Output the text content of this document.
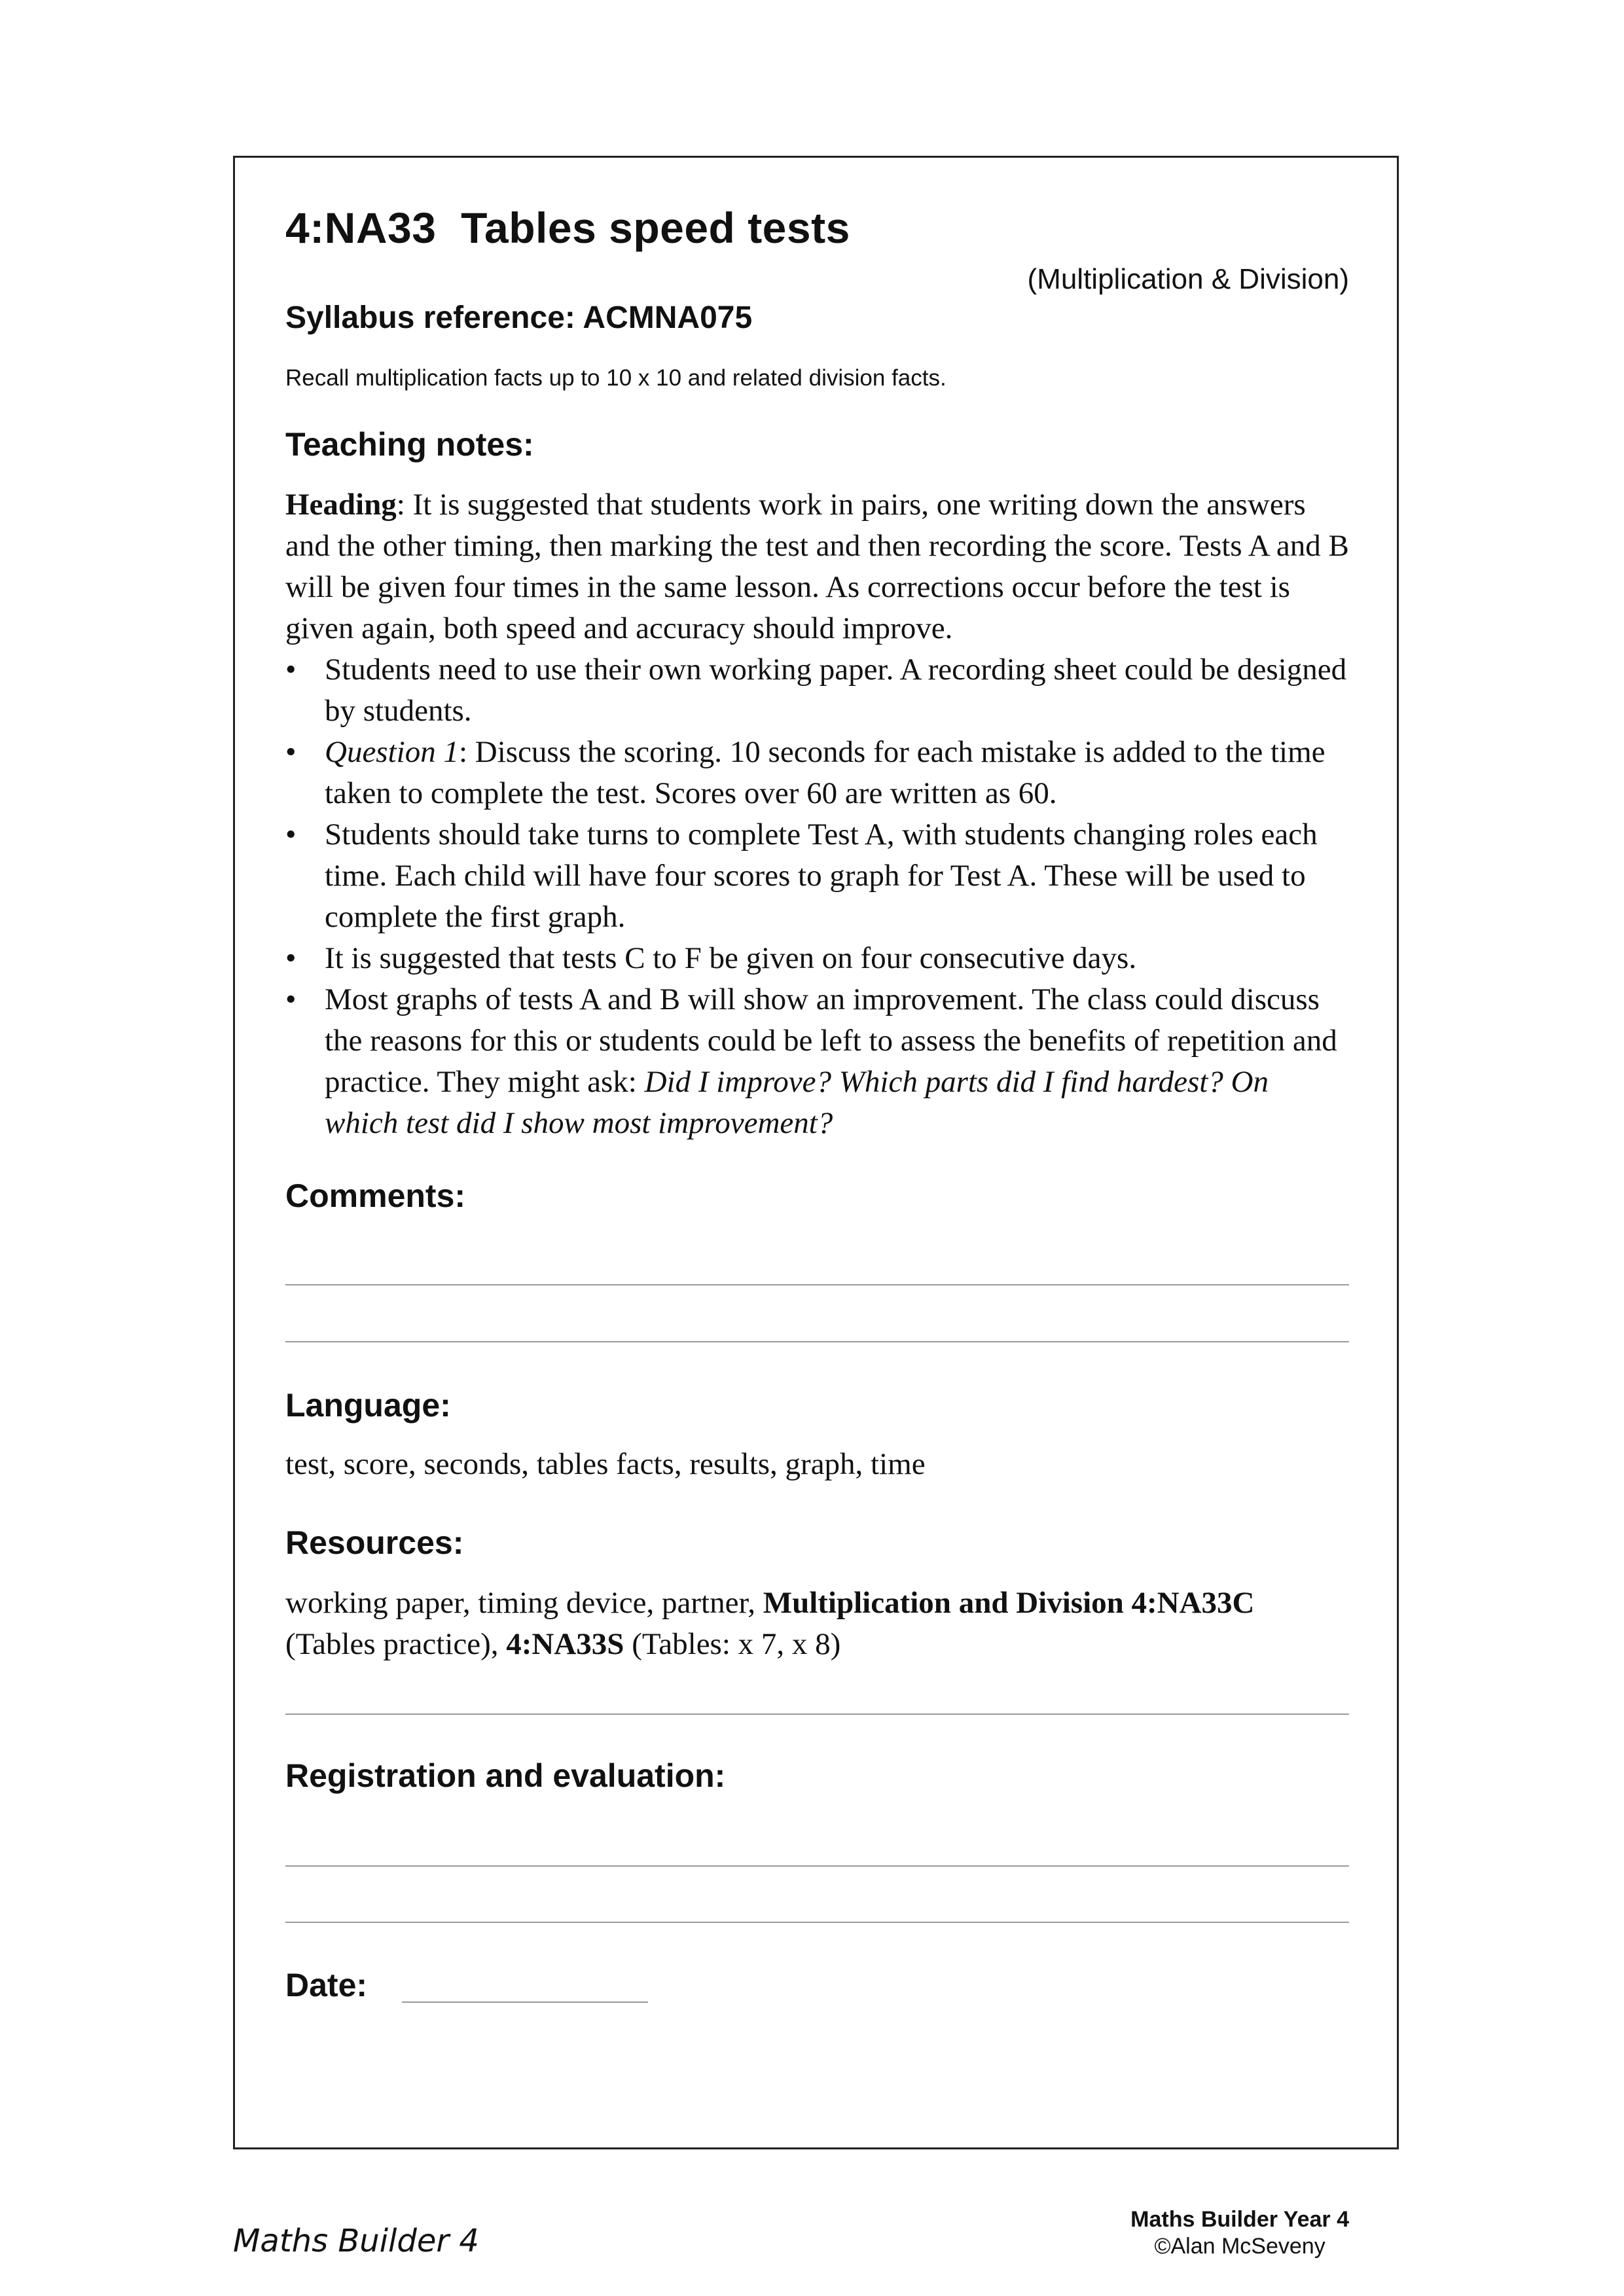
4:NA33  Tables speed tests
(Multiplication & Division)
Syllabus reference: ACMNA075
Recall multiplication facts up to 10 x 10 and related division facts.
Teaching notes:
Heading: It is suggested that students work in pairs, one writing down the answers and the other timing, then marking the test and then recording the score. Tests A and B will be given four times in the same lesson. As corrections occur before the test is given again, both speed and accuracy should improve.
• Students need to use their own working paper. A recording sheet could be designed by students.
• Question 1: Discuss the scoring. 10 seconds for each mistake is added to the time taken to complete the test. Scores over 60 are written as 60.
• Students should take turns to complete Test A, with students changing roles each time. Each child will have four scores to graph for Test A. These will be used to complete the first graph.
• It is suggested that tests C to F be given on four consecutive days.
• Most graphs of tests A and B will show an improvement. The class could discuss the reasons for this or students could be left to assess the benefits of repetition and practice. They might ask: Did I improve? Which parts did I find hardest? On which test did I show most improvement?
Comments:
Language:
test, score, seconds, tables facts, results, graph, time
Resources:
working paper, timing device, partner, Multiplication and Division 4:NA33C (Tables practice), 4:NA33S (Tables: x 7, x 8)
Registration and evaluation:
Date:
Maths Builder 4
Maths Builder Year 4
©Alan McSeveny
